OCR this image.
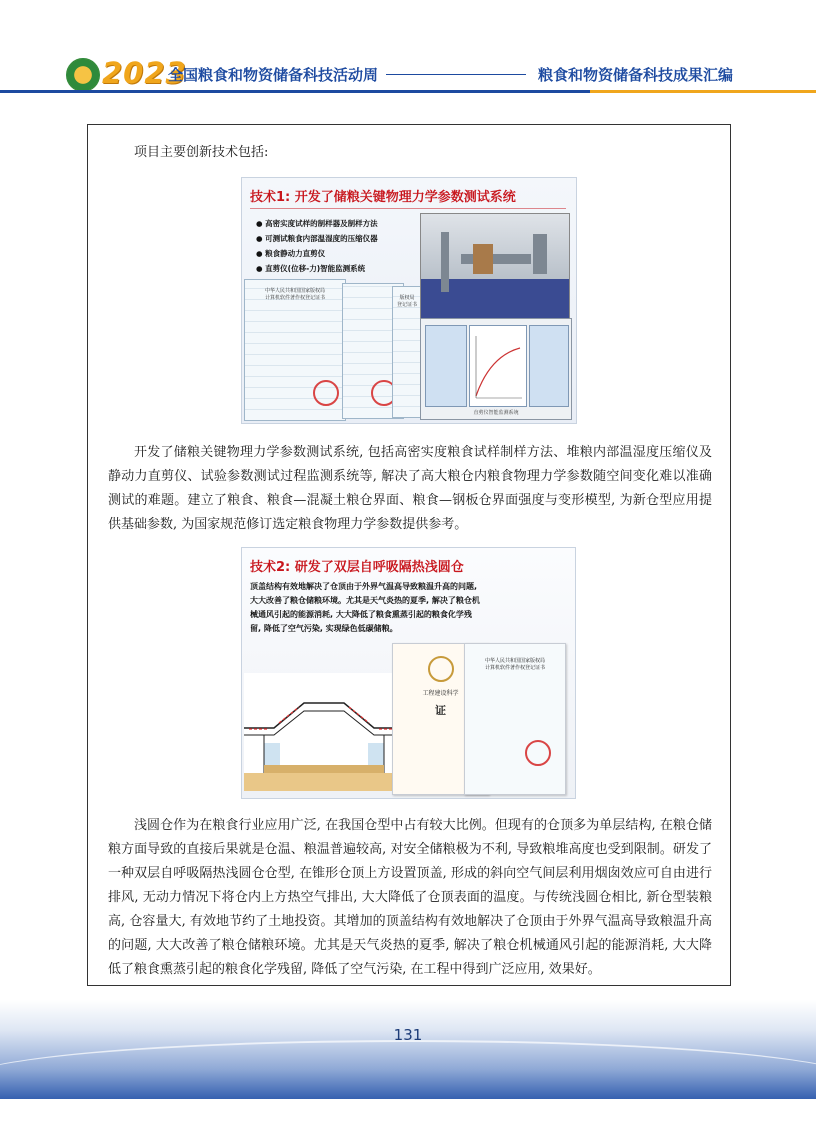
2023
全国粮食和物资储备科技活动周	粮食和物资储备科技成果汇编
项目主要创新技术包括:
技术1: 开发了储粮关键物理力学参数测试系统
● 高密实度试样的制样器及制样方法
● 可测试粮食内部温湿度的压缩仪器
● 粮食静动力直剪仪
● 直剪仪(位移-力)智能监测系统
中华人民共和国国家版权局
计算机软件著作权登记证书	版权局
登记证书
直剪仪智能监测系统

开发了储粮关键物理力学参数测试系统, 包括高密实度粮食试样制样方法、堆粮内部温湿度压缩仪及静动力直剪仪、试验参数测试过程监测系统等, 解决了高大粮仓内粮食物理力学参数随空间变化难以准确测试的难题。建立了粮食、粮食—混凝土粮仓界面、粮食—钢板仓界面强度与变形模型, 为新仓型应用提供基础参数, 为国家规范修订选定粮食物理力学参数提供参考。

技术2: 研发了双层自呼吸隔热浅圆仓

顶盖结构有效地解决了仓顶由于外界气温高导致粮温升高的问题, 大大改善了粮仓储粮环境。尤其是天气炎热的夏季, 解决了粮仓机械通风引起的能源消耗, 大大降低了粮食熏蒸引起的粮食化学残留, 降低了空气污染, 实现绿色低碳储粮。

工程建设科学
证
中华人民共和国国家版权局
计算机软件著作权登记证书

浅圆仓作为在粮食行业应用广泛, 在我国仓型中占有较大比例。但现有的仓顶多为单层结构, 在粮仓储粮方面导致的直接后果就是仓温、粮温普遍较高, 对安全储粮极为不利, 导致粮堆高度也受到限制。研发了一种双层自呼吸隔热浅圆仓仓型, 在锥形仓顶上方设置顶盖, 形成的斜向空气间层利用烟囱效应可自由进行排风, 无动力情况下将仓内上方热空气排出, 大大降低了仓顶表面的温度。与传统浅圆仓相比, 新仓型装粮高, 仓容量大, 有效地节约了土地投资。其增加的顶盖结构有效地解决了仓顶由于外界气温高导致粮温升高的问题, 大大改善了粮仓储粮环境。尤其是天气炎热的夏季, 解决了粮仓机械通风引起的能源消耗, 大大降低了粮食熏蒸引起的粮食化学残留, 降低了空气污染, 在工程中得到广泛应用, 效果好。

131
